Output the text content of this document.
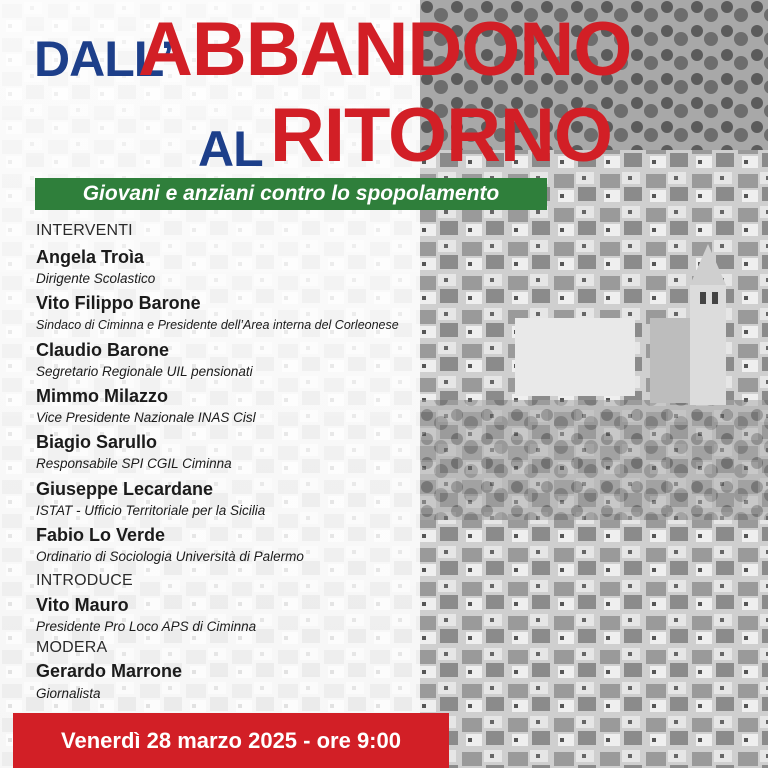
DALL’
ABBANDONO
AL RITORNO
Giovani e anziani contro lo spopolamento
INTERVENTI
Angela Troìa
Dirigente Scolastico
Vito Filippo Barone
Sindaco di Ciminna e Presidente dell’Area interna del Corleonese
Claudio Barone
Segretario Regionale UIL pensionati
Mimmo Milazzo
Vice Presidente Nazionale INAS Cisl
Biagio Sarullo
Responsabile SPI CGIL Ciminna
Giuseppe Lecardane
ISTAT - Ufficio Territoriale per la Sicilia
Fabio Lo Verde
Ordinario di Sociologia Università di Palermo
INTRODUCE
Vito Mauro
Presidente Pro Loco APS di Ciminna
MODERA
Gerardo Marrone
Giornalista
Venerdì 28 marzo 2025 - ore 9:00
